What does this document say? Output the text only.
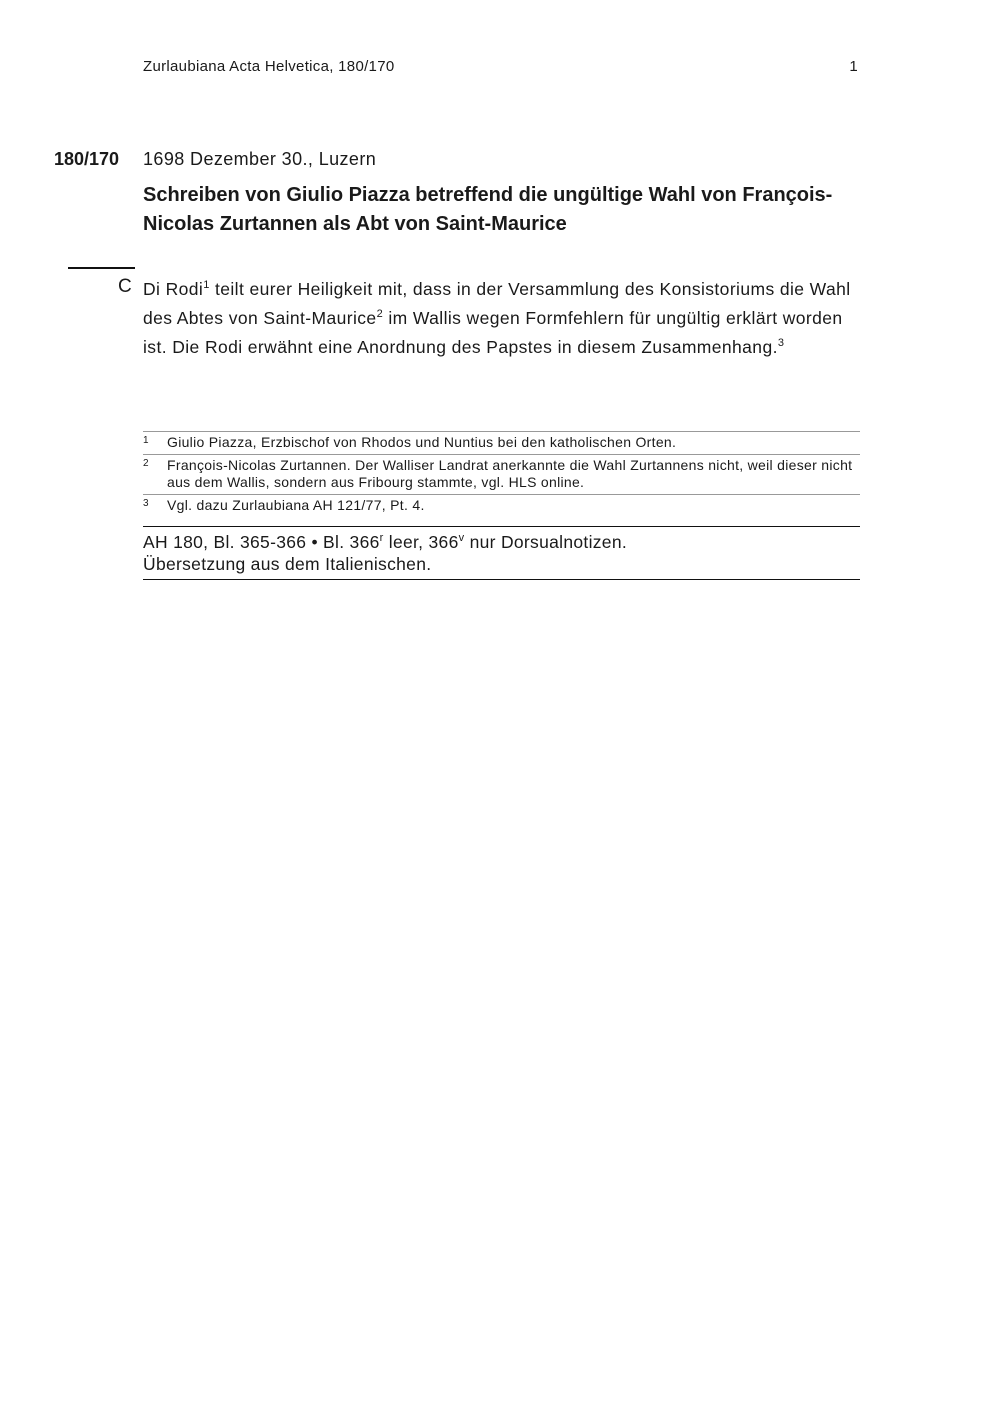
Zurlaubiana Acta Helvetica, 180/170	1
180/170 1698 Dezember 30., Luzern
Schreiben von Giulio Piazza betreffend die ungültige Wahl von François-Nicolas Zurtannen als Abt von Saint-Maurice
C Di Rodi$^1$ teilt eurer Heiligkeit mit, dass in der Versammlung des Konsistoriums die Wahl des Abtes von Saint-Maurice$^2$ im Wallis wegen Formfehlern für ungültig erklärt worden ist. Die Rodi erwähnt eine Anordnung des Papstes in diesem Zusammenhang.$^3$

1 Giulio Piazza, Erzbischof von Rhodos und Nuntius bei den katholischen Orten.
2 François-Nicolas Zurtannen. Der Walliser Landrat anerkannte die Wahl Zurtannens nicht, weil dieser nicht aus dem Wallis, sondern aus Fribourg stammte, vgl. HLS online.
3 Vgl. dazu Zurlaubiana AH 121/77, Pt. 4.
AH 180, Bl. 365-366 • Bl. 366$^r$ leer, 366$^v$ nur Dorsualnotizen.
Übersetzung aus dem Italienischen.
